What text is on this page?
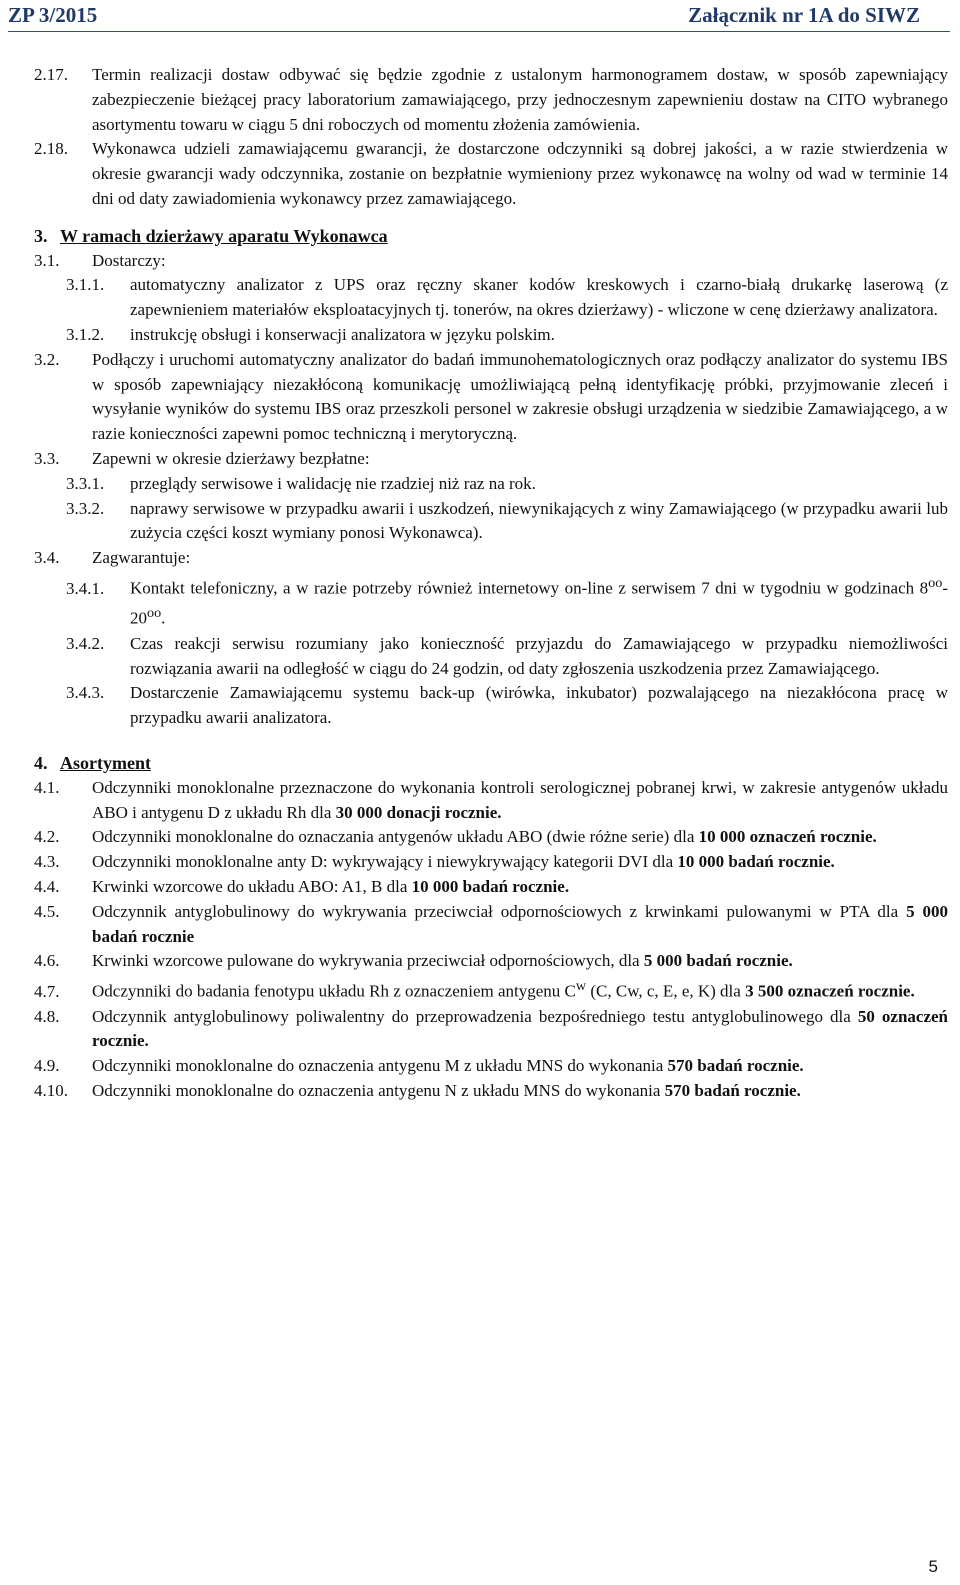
ZP 3/2015	Załącznik nr 1A do SIWZ
2.17.	Termin realizacji dostaw odbywać się będzie zgodnie z ustalonym harmonogramem dostaw, w sposób zapewniający zabezpieczenie bieżącej pracy laboratorium zamawiającego, przy jednoczesnym zapewnieniu dostaw na CITO wybranego asortymentu towaru w ciągu 5 dni roboczych od momentu złożenia zamówienia.
2.18.	Wykonawca udzieli zamawiającemu gwarancji, że dostarczone odczynniki są dobrej jakości, a w razie stwierdzenia w okresie gwarancji wady odczynnika, zostanie on bezpłatnie wymieniony przez wykonawcę na wolny od wad w terminie 14 dni od daty zawiadomienia wykonawcy przez zamawiającego.
3. W ramach dzierżawy aparatu Wykonawca
3.1.	Dostarczy:
3.1.1.	automatyczny analizator z UPS oraz ręczny skaner kodów kreskowych i czarno-białą drukarkę laserową (z zapewnieniem materiałów eksploatacyjnych tj. tonerów, na okres dzierżawy) - wliczone w cenę dzierżawy analizatora.
3.1.2.	instrukcję obsługi i konserwacji analizatora w języku polskim.
3.2.	Podłączy i uruchomi automatyczny analizator do badań immunohematologicznych oraz podłączy analizator do systemu IBS w sposób zapewniający niezakłóconą komunikację umożliwiającą pełną identyfikację próbki, przyjmowanie zleceń i wysyłanie wyników do systemu IBS oraz przeszkoli personel w zakresie obsługi urządzenia w siedzibie Zamawiającego, a w razie konieczności zapewni pomoc techniczną i merytoryczną.
3.3.	Zapewni w okresie dzierżawy bezpłatne:
3.3.1.	przeglądy serwisowe i walidację nie rzadziej niż raz na rok.
3.3.2.	naprawy serwisowe w przypadku awarii i uszkodzeń, niewynikających z winy Zamawiającego (w przypadku awarii lub zużycia części koszt wymiany ponosi Wykonawca).
3.4.	Zagwarantuje:
3.4.1.	Kontakt telefoniczny, a w razie potrzeby również internetowy on-line z serwisem 7 dni w tygodniu w godzinach $8^{oo}-20^{oo}$.
3.4.2.	Czas reakcji serwisu rozumiany jako konieczność przyjazdu do Zamawiającego w przypadku niemożliwości rozwiązania awarii na odległość w ciągu do 24 godzin, od daty zgłoszenia uszkodzenia przez Zamawiającego.
3.4.3.	Dostarczenie Zamawiającemu systemu back-up (wirówka, inkubator) pozwalającego na niezakłócona pracę w przypadku awarii analizatora.
4. Asortyment
4.1.	Odczynniki monoklonalne przeznaczone do wykonania kontroli serologicznej pobranej krwi, w zakresie antygenów układu ABO i antygenu D z układu Rh dla 30 000 donacji rocznie.
4.2.	Odczynniki monoklonalne do oznaczania antygenów układu ABO (dwie różne serie) dla 10 000 oznaczeń rocznie.
4.3.	Odczynniki monoklonalne anty D: wykrywający i niewykrywający kategorii DVI dla 10 000 badań rocznie.
4.4.	Krwinki wzorcowe do układu ABO: A1, B dla 10 000 badań rocznie.
4.5.	Odczynnik antyglobulinowy do wykrywania przeciwciał odpornościowych z krwinkami pulowanymi w PTA dla 5 000 badań rocznie
4.6.	Krwinki wzorcowe pulowane do wykrywania przeciwciał odpornościowych, dla 5 000 badań rocznie.
4.7.	Odczynniki do badania fenotypu układu Rh z oznaczeniem antygenu $C^w$ (C, Cw, c, E, e, K) dla 3 500 oznaczeń rocznie.
4.8.	Odczynnik antyglobulinowy poliwalentny do przeprowadzenia bezpośredniego testu antyglobulinowego dla 50 oznaczeń rocznie.
4.9.	Odczynniki monoklonalne do oznaczenia antygenu M z układu MNS do wykonania 570 badań rocznie.
4.10.	Odczynniki monoklonalne do oznaczenia antygenu N z układu MNS do wykonania 570 badań rocznie.
5
